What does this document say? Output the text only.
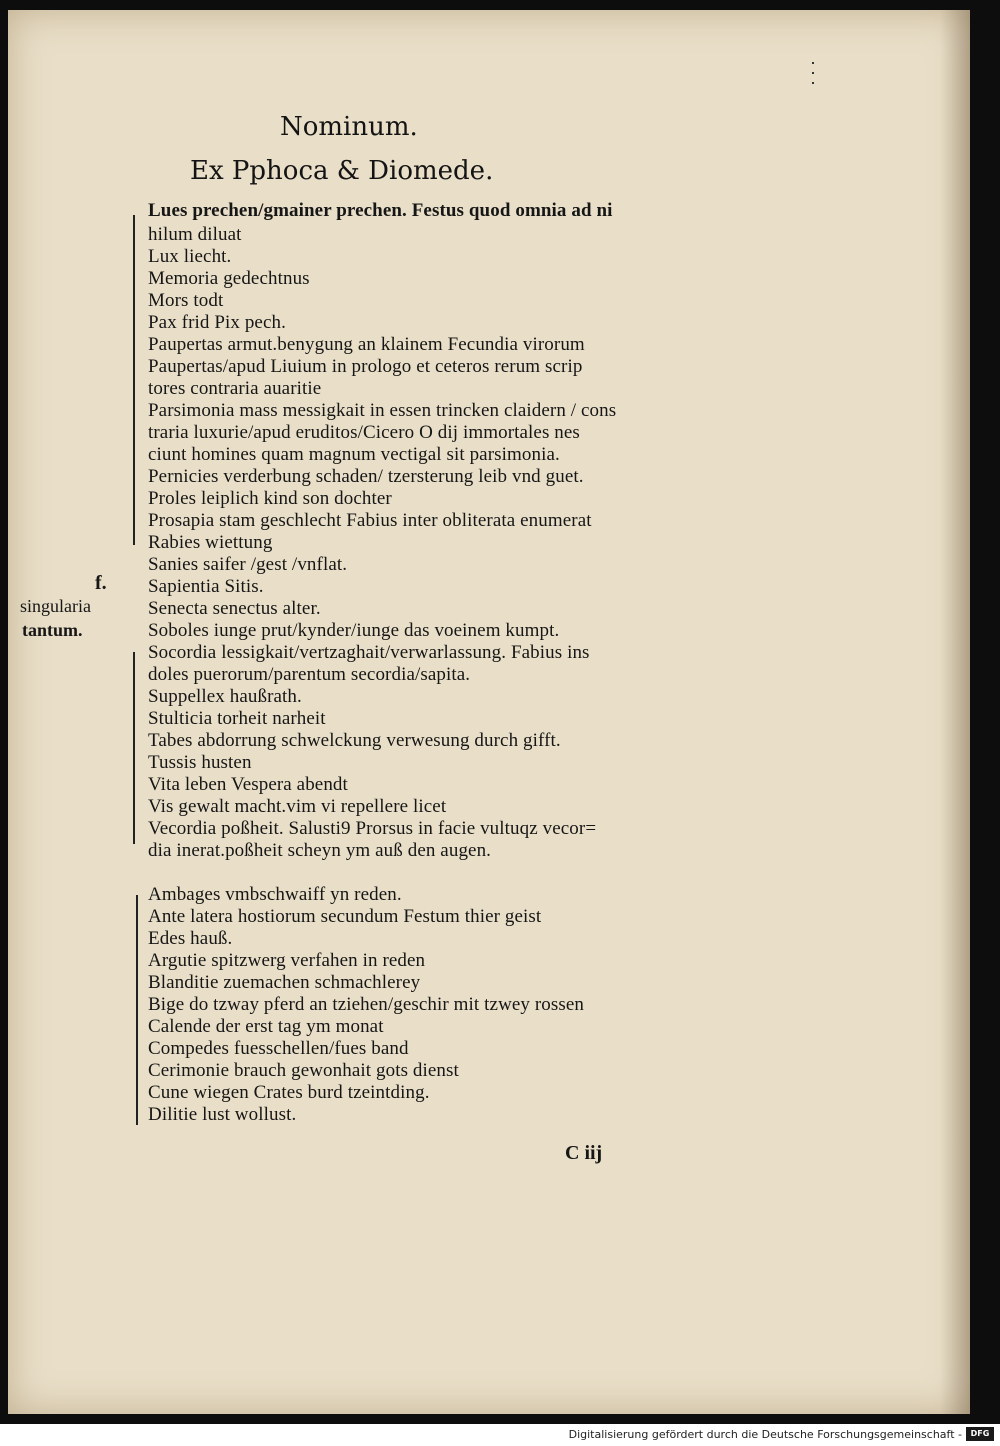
Nominum.
Ex Pphoca & Diomede.
f.
singularia
tantum.
Lues prechen/gmainer prechen. Festus quod omnia ad ni
hilum diluat
Lux liecht.
Memoria gedechtnus
Mors todt
Pax frid Pix pech.
Paupertas armut.benygung an klainem Fecundia virorum
Paupertas/apud Liuium in prologo et ceteros rerum scrip
tores contraria auaritie
Parsimonia mass messigkait in essen trincken claidern / cons
traria luxurie/apud eruditos/Cicero O dij immortales nes
ciunt homines quam magnum vectigal sit parsimonia.
Pernicies verderbung schaden/ tzersterung leib vnd guet.
Proles leiplich kind son dochter
Prosapia stam geschlecht Fabius inter obliterata enumerat
Rabies wiettung
Sanies saifer /gest /vnflat.
Sapientia Sitis.
Senecta senectus alter.
Soboles iunge prut/kynder/iunge das voeinem kumpt.
Socordia lessigkait/vertzaghait/verwarlassung. Fabius ins
doles puerorum/parentum secordia/sapita.
Suppellex haußrath.
Stulticia torheit narheit
Tabes abdorrung schwelckung verwesung durch gifft.
Tussis husten
Vita leben Vespera abendt
Vis gewalt macht.vim vi repellere licet
Vecordia poßheit. Salusti9 Prorsus in facie vultuqz vecor=
dia inerat.poßheit scheyn ym auß den augen.
Ambages vmbschwaiff yn reden.
Ante latera hostiorum secundum Festum thier geist
Edes hauß.
Argutie spitzwerg verfahen in reden
Blanditie zuemachen schmachlerey
Bige do tzway pferd an tziehen/geschir mit tzwey rossen
Calende der erst tag ym monat
Compedes fuesschellen/fues band
Cerimonie brauch gewonhait gots dienst
Cune wiegen Crates burd tzeintding.
Dilitie lust wollust.
C iij
Digitalisierung gefördert durch die Deutsche Forschungsgemeinschaft -	DFG
